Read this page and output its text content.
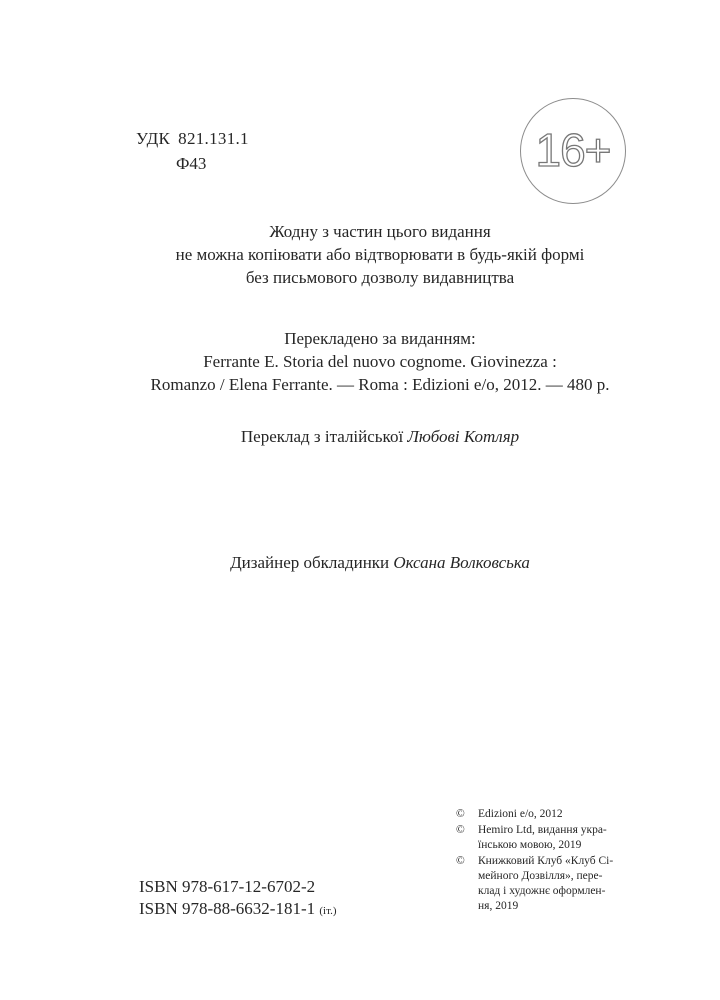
УДК 821.131.1
Ф43	16+
Жодну з частин цього видання
не можна копіювати або відтворювати в будь-якій формі
без письмового дозволу видавництва
Перекладено за виданням:
Ferrante E. Storia del nuovo cognome. Giovinezza :
Romanzo / Elena Ferrante. — Roma : Edizioni e/o, 2012. — 480 p.
Переклад з італійської Любові Котляр
Дизайнер обкладинки Оксана Волковська
ISBN 978-617-12-6702-2
ISBN 978-88-6632-181-1 (іт.)
© Edizioni e/o, 2012
© Hemiro Ltd, видання укра-
їнською мовою, 2019
© Книжковий Клуб «Клуб Сі-
мейного Дозвілля», пере-
клад і художнє оформлен-
ня, 2019
